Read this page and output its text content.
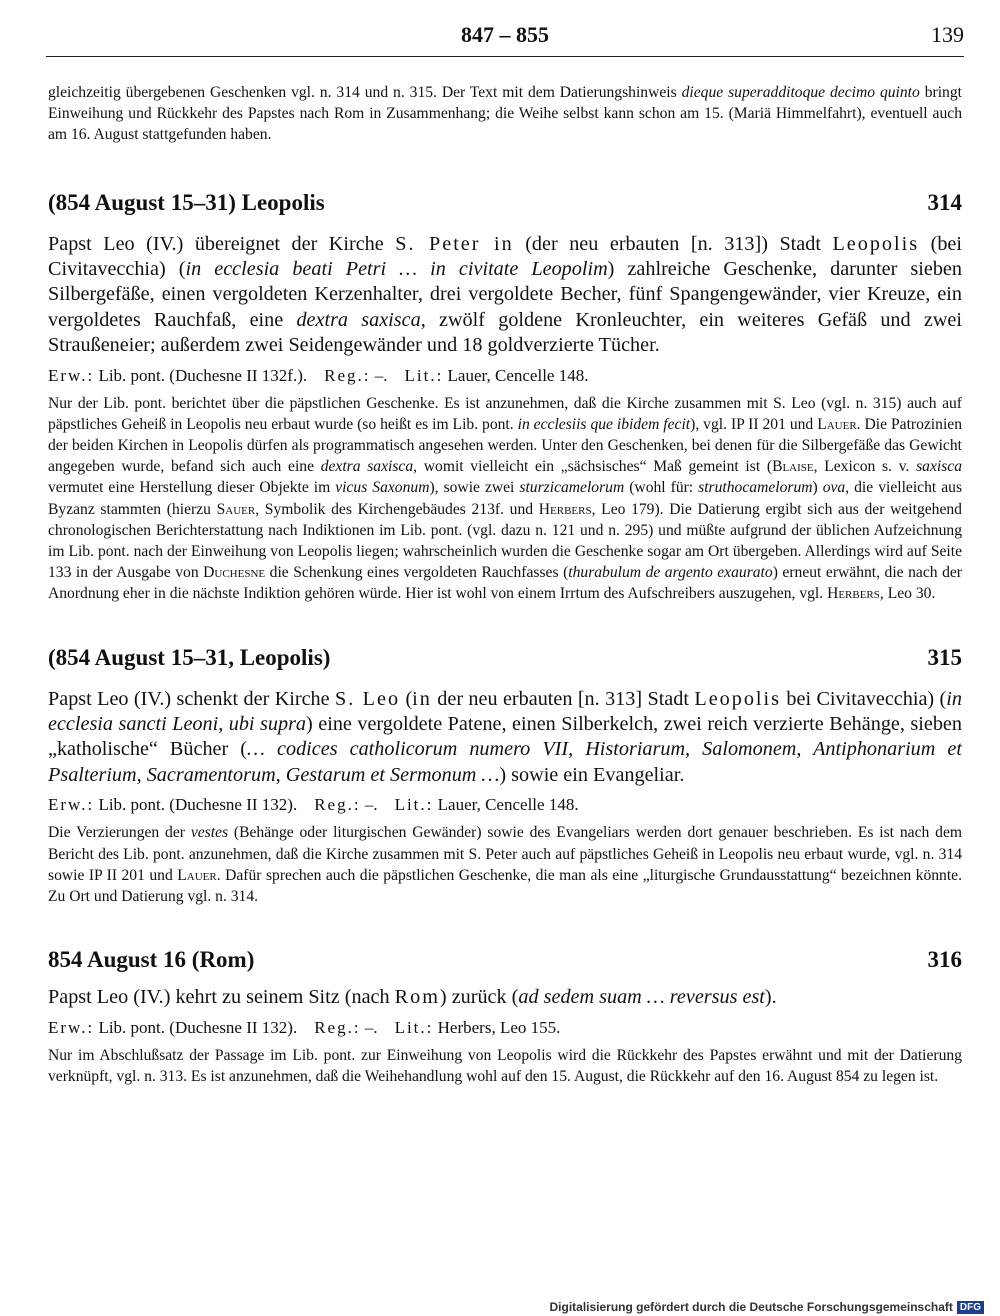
847 – 855	139

gleichzeitig übergebenen Geschenken vgl. n. 314 und n. 315. Der Text mit dem Datierungshinweis dieque superadditoque decimo quinto bringt Einweihung und Rückkehr des Papstes nach Rom in Zusammenhang; die Weihe selbst kann schon am 15. (Mariä Himmelfahrt), eventuell auch am 16. August stattgefunden haben.

(854 August 15–31) Leopolis	314

Papst Leo (IV.) übereignet der Kirche S. Peter in (der neu erbauten [n. 313]) Stadt Leopolis (bei Civitavecchia) (in ecclesia beati Petri … in civitate Leopolim) zahlreiche Geschenke, darunter sieben Silbergefäße, einen vergoldeten Kerzenhalter, drei vergoldete Becher, fünf Spangengewänder, vier Kreuze, ein vergoldetes Rauchfaß, eine dextra saxisca, zwölf goldene Kronleuchter, ein weiteres Gefäß und zwei Straußeneier; außerdem zwei Seidengewänder und 18 goldverzierte Tücher.

Erw.: Lib. pont. (Duchesne II 132f.). Reg.: –. Lit.: Lauer, Cencelle 148.

Nur der Lib. pont. berichtet über die päpstlichen Geschenke. Es ist anzunehmen, daß die Kirche zusammen mit S. Leo (vgl. n. 315) auch auf päpstliches Geheiß in Leopolis neu erbaut wurde (so heißt es im Lib. pont. in ecclesiis que ibidem fecit), vgl. IP II 201 und Lauer. Die Patrozinien der beiden Kirchen in Leopolis dürfen als programmatisch angesehen werden. Unter den Geschenken, bei denen für die Silbergefäße das Gewicht angegeben wurde, befand sich auch eine dextra saxisca, womit vielleicht ein „sächsisches“ Maß gemeint ist (Blaise, Lexicon s. v. saxisca vermutet eine Herstellung dieser Objekte im vicus Saxonum), sowie zwei sturzicamelorum (wohl für: struthocamelorum) ova, die vielleicht aus Byzanz stammten (hierzu Sauer, Symbolik des Kirchengebäudes 213f. und Herbers, Leo 179). Die Datierung ergibt sich aus der weitgehend chronologischen Berichterstattung nach Indiktionen im Lib. pont. (vgl. dazu n. 121 und n. 295) und müßte aufgrund der üblichen Aufzeichnung im Lib. pont. nach der Einweihung von Leopolis liegen; wahrscheinlich wurden die Geschenke sogar am Ort übergeben. Allerdings wird auf Seite 133 in der Ausgabe von Duchesne die Schenkung eines vergoldeten Rauchfasses (thurabulum de argento exaurato) erneut erwähnt, die nach der Anordnung eher in die nächste Indiktion gehören würde. Hier ist wohl von einem Irrtum des Aufschreibers auszugehen, vgl. Herbers, Leo 30.

(854 August 15–31, Leopolis)	315

Papst Leo (IV.) schenkt der Kirche S. Leo (in der neu erbauten [n. 313] Stadt Leopolis bei Civitavecchia) (in ecclesia sancti Leoni, ubi supra) eine vergoldete Patene, einen Silberkelch, zwei reich verzierte Behänge, sieben „katholische“ Bücher (… codices catholicorum numero VII, Historiarum, Salomonem, Antiphonarium et Psalterium, Sacramentorum, Gestarum et Sermonum …) sowie ein Evangeliar.

Erw.: Lib. pont. (Duchesne II 132). Reg.: –. Lit.: Lauer, Cencelle 148.

Die Verzierungen der vestes (Behänge oder liturgischen Gewänder) sowie des Evangeliars werden dort genauer beschrieben. Es ist nach dem Bericht des Lib. pont. anzunehmen, daß die Kirche zusammen mit S. Peter auch auf päpstliches Geheiß in Leopolis neu erbaut wurde, vgl. n. 314 sowie IP II 201 und Lauer. Dafür sprechen auch die päpstlichen Geschenke, die man als eine „liturgische Grundausstattung“ bezeichnen könnte. Zu Ort und Datierung vgl. n. 314.

854 August 16 (Rom)	316

Papst Leo (IV.) kehrt zu seinem Sitz (nach Rom) zurück (ad sedem suam … reversus est).

Erw.: Lib. pont. (Duchesne II 132). Reg.: –. Lit.: Herbers, Leo 155.

Nur im Abschlußsatz der Passage im Lib. pont. zur Einweihung von Leopolis wird die Rückkehr des Papstes erwähnt und mit der Datierung verknüpft, vgl. n. 313. Es ist anzunehmen, daß die Weihehandlung wohl auf den 15. August, die Rückkehr auf den 16. August 854 zu legen ist.

Digitalisierung gefördert durch die Deutsche Forschungsgemeinschaft DFG
